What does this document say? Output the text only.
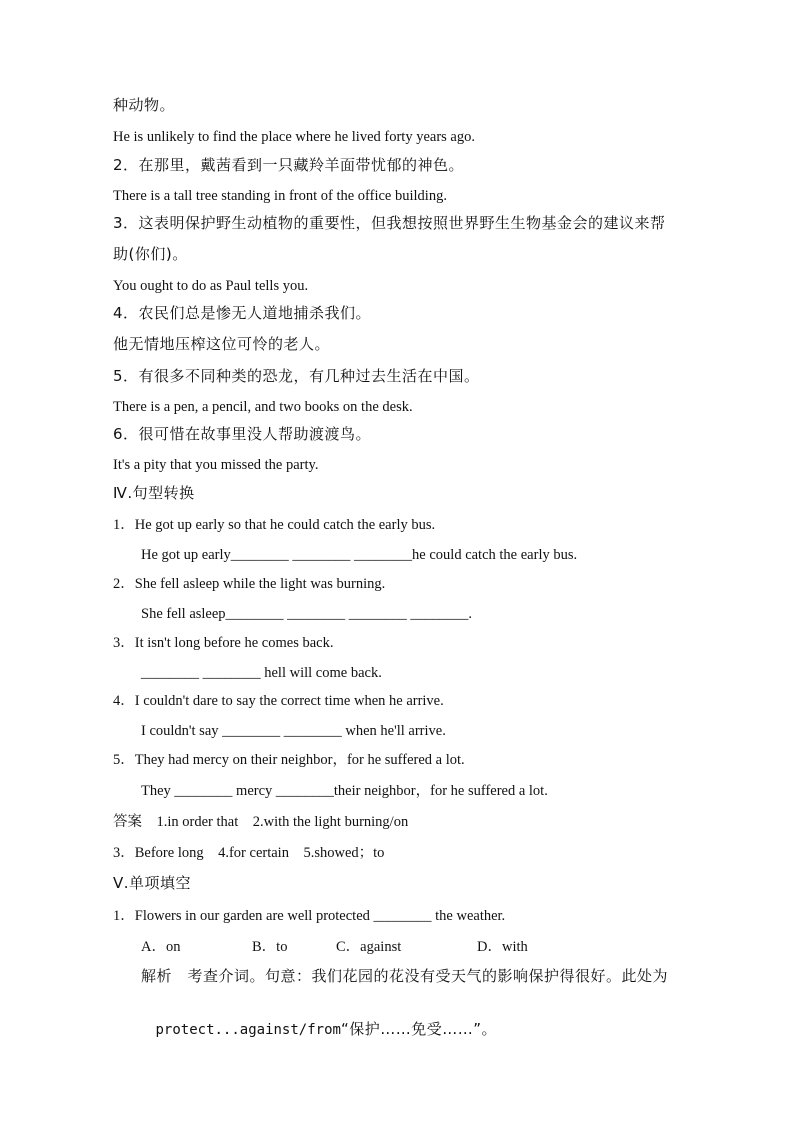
种动物。
He is unlikely to find the place where he lived forty years ago.
2．在那里，戴茜看到一只藏羚羊面带忧郁的神色。
There is a tall tree standing in front of the office building.
3．这表明保护野生动植物的重要性，但我想按照世界野生生物基金会的建议来帮
助(你们)。
You ought to do as Paul tells you.
4．农民们总是惨无人道地捕杀我们。
他无情地压榨这位可怜的老人。
5．有很多不同种类的恐龙，有几种过去生活在中国。
There is a pen, a pencil, and two books on the desk.
6．很可惜在故事里没人帮助渡渡鸟。
It's a pity that you missed the party.
Ⅳ.句型转换
1．He got up early so that he could catch the early bus.
He got up early________ ________ ________he could catch the early bus.
2．She fell asleep while the light was burning.
She fell asleep________ ________ ________ ________.
3．It isn't long before he comes back.
________ ________ hell will come back.
4．I couldn't dare to say the correct time when he arrive.
I couldn't say ________ ________ when he'll arrive.
5．They had mercy on their neighbor，for he suffered a lot.
They ________ mercy ________their neighbor，for he suffered a lot.
答案　1.in order that　2.with the light burning/on
3．Before long　4.for certain　5.showed；to
Ⅴ.单项填空
1．Flowers in our garden are well protected ________ the weather.
A．on	B．to	C．against	D．with
解析　考查介词。句意：我们花园的花没有受天气的影响保护得很好。此处为

protect...against/from“保护……免受……”。
